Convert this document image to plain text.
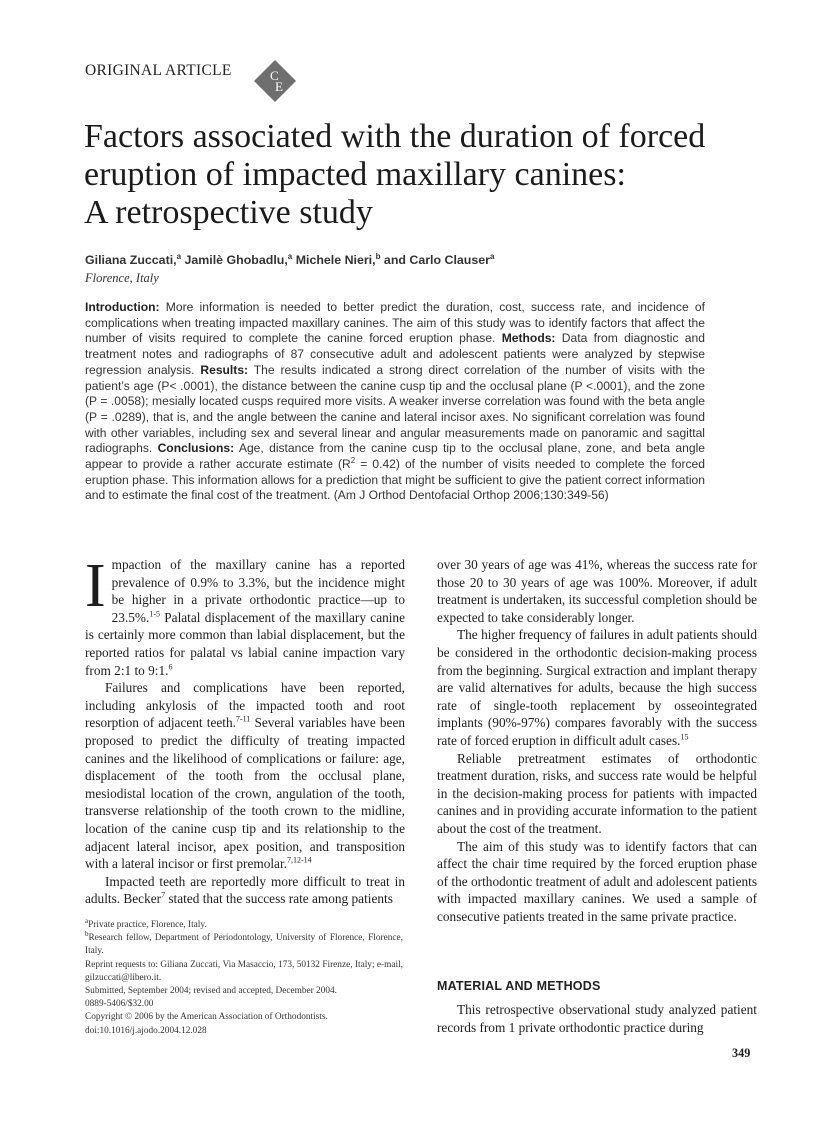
ORIGINAL ARTICLE	C
E
Factors associated with the duration of forced
eruption of impacted maxillary canines:
A retrospective study
Giliana Zuccati,$^a$ Jamilè Ghobadlu,$^a$ Michele Nieri,$^b$ and Carlo Clauser$^a$
Florence, Italy

Introduction: More information is needed to better predict the duration, cost, success rate, and incidence of complications when treating impacted maxillary canines. The aim of this study was to identify factors that affect the number of visits required to complete the canine forced eruption phase. Methods: Data from diagnostic and treatment notes and radiographs of 87 consecutive adult and adolescent patients were analyzed by stepwise regression analysis. Results: The results indicated a strong direct correlation of the number of visits with the patient’s age (P< .0001), the distance between the canine cusp tip and the occlusal plane (P <.0001), and the zone (P = .0058); mesially located cusps required more visits. A weaker inverse correlation was found with the beta angle (P = .0289), that is, and the angle between the canine and lateral incisor axes. No significant correlation was found with other variables, including sex and several linear and angular measurements made on panoramic and sagittal radiographs. Conclusions: Age, distance from the canine cusp tip to the occlusal plane, zone, and beta angle appear to provide a rather accurate estimate $(R^2 = 0.42)$ of the number of visits needed to complete the forced eruption phase. This information allows for a prediction that might be sufficient to give the patient correct information and to estimate the final cost of the treatment. (Am J Orthod Dentofacial Orthop 2006;130:349-56)

Impaction of the maxillary canine has a reported prevalence of 0.9% to 3.3%, but the incidence might be higher in a private orthodontic practice—up to 23.5%.$^{1-5}$ Palatal displacement of the maxillary canine is certainly more common than labial displacement, but the reported ratios for palatal vs labial canine impaction vary from 2:1 to 9:1.$^6$

Failures and complications have been reported, including ankylosis of the impacted tooth and root resorption of adjacent teeth.$^{7-11}$ Several variables have been proposed to predict the difficulty of treating impacted canines and the likelihood of complications or failure: age, displacement of the tooth from the occlusal plane, mesiodistal location of the crown, angulation of the tooth, transverse relationship of the tooth crown to the midline, location of the canine cusp tip and its relationship to the adjacent lateral incisor, apex position, and transposition with a lateral incisor or first premolar.$^{7,12-14}$

Impacted teeth are reportedly more difficult to treat in adults. Becker$^7$ stated that the success rate among patients

$^a$Private practice, Florence, Italy.
$^b$Research fellow, Department of Periodontology, University of Florence, Florence, Italy.
Reprint requests to: Giliana Zuccati, Via Masaccio, 173, 50132 Firenze, Italy; e-mail, gilzuccati@libero.it.
Submitted, September 2004; revised and accepted, December 2004.
0889-5406/$32.00
Copyright © 2006 by the American Association of Orthodontists.
doi:10.1016/j.ajodo.2004.12.028

over 30 years of age was 41%, whereas the success rate for those 20 to 30 years of age was 100%. Moreover, if adult treatment is undertaken, its successful completion should be expected to take considerably longer.

The higher frequency of failures in adult patients should be considered in the orthodontic decision-making process from the beginning. Surgical extraction and implant therapy are valid alternatives for adults, because the high success rate of single-tooth replacement by osseointegrated implants (90%-97%) compares favorably with the success rate of forced eruption in difficult adult cases.$^{15}$

Reliable pretreatment estimates of orthodontic treatment duration, risks, and success rate would be helpful in the decision-making process for patients with impacted canines and in providing accurate information to the patient about the cost of the treatment.

The aim of this study was to identify factors that can affect the chair time required by the forced eruption phase of the orthodontic treatment of adult and adolescent patients with impacted maxillary canines. We used a sample of consecutive patients treated in the same private practice.

MATERIAL AND METHODS

This retrospective observational study analyzed patient records from 1 private orthodontic practice during

349
